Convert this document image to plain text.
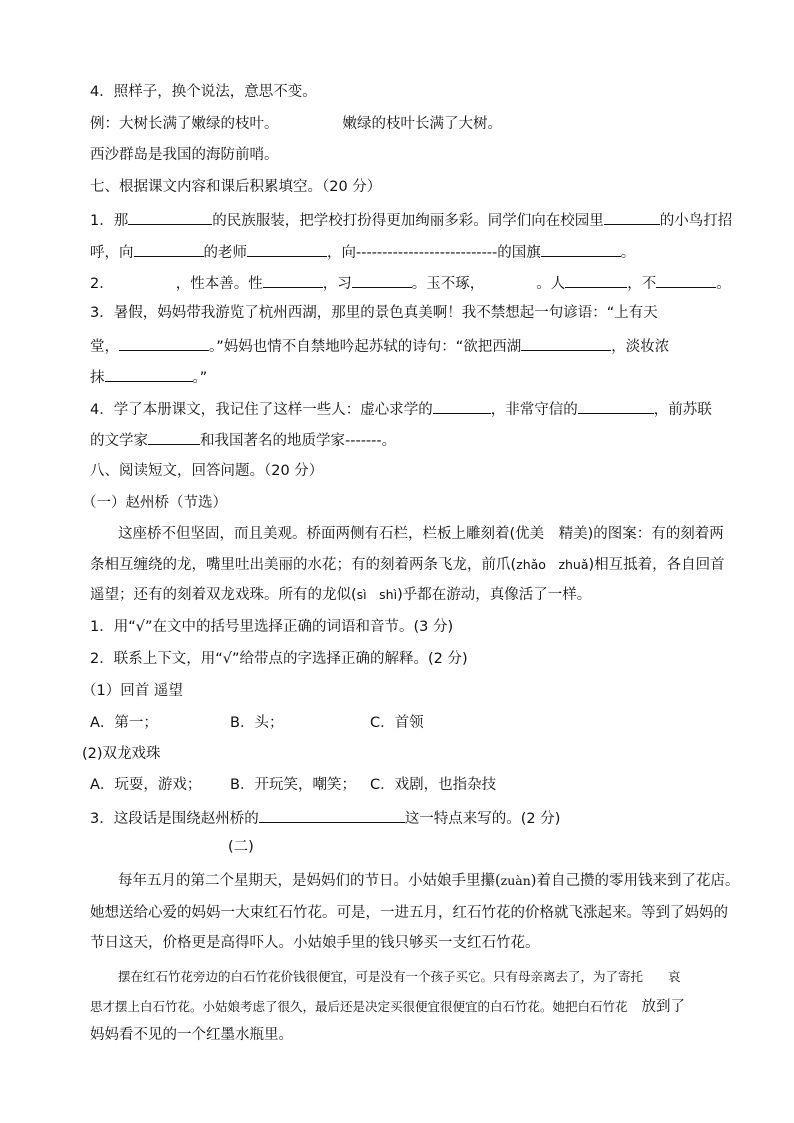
4．照样子，换个说法，意思不变。
例：大树长满了嫩绿的枝叶。	嫩绿的枝叶长满了大树。
西沙群岛是我国的海防前哨。
七、根据课文内容和课后积累填空。（20 分）
1．那	的民族服装，把学校打扮得更加绚丽多彩。同学们向在校园里	的小鸟打招
呼，向	的老师	，向---------------------------的国旗	。
2．	，性本善。性	，习	。玉不琢，	。人	，不	。
3．暑假，妈妈带我游览了杭州西湖，那里的景色真美啊！我不禁想起一句谚语：“上有天
堂，	。”妈妈也情不自禁地吟起苏轼的诗句：“欲把西湖	，淡妆浓
抹	。”
4．学了本册课文，我记住了这样一些人：虚心求学的	，非常守信的	，前苏联
的文学家	和我国著名的地质学家-------。
八、阅读短文，回答问题。（20 分）
（一）赵州桥（节选）
这座桥不但坚固，而且美观。桥面两侧有石栏，栏板上雕刻着(优美　精美)的图案：有的刻着两
条相互缠绕的龙，嘴里吐出美丽的水花；有的刻着两条飞龙，前爪(zhǎo　zhuǎ)相互抵着，各自回首
遥望；还有的刻着双龙戏珠。所有的龙似(sì　shì)乎都在游动，真像活了一样。
1．用“√”在文中的括号里选择正确的词语和音节。(3 分)
2．联系上下文，用“√”给带点的字选择正确的解释。(2 分)
（1）回首 遥望
A．第一；	B．头；	C．首领
(2)双龙戏珠
A．玩耍，游戏； B．开玩笑，嘲笑； C．戏剧，也指杂技
3．这段话是围绕赵州桥的	这一特点来写的。(2 分)
(二)
每年五月的第二个星期天，是妈妈们的节日。小姑娘手里攥(zuàn)着自己攒的零用钱来到了花店。
她想送给心爱的妈妈一大束红石竹花。可是，一进五月，红石竹花的价格就飞涨起来。等到了妈妈的
节日这天，价格更是高得吓人。小姑娘手里的钱只够买一支红石竹花。
摆在红石竹花旁边的白石竹花价钱很便宜，可是没有一个孩子买它。只有母亲离去了，为了寄托　　哀
思才摆上白石竹花。小姑娘考虑了很久，最后还是决定买很便宜很便宜的白石竹花。她把白石竹花 放到了
妈妈看不见的一个红墨水瓶里。
